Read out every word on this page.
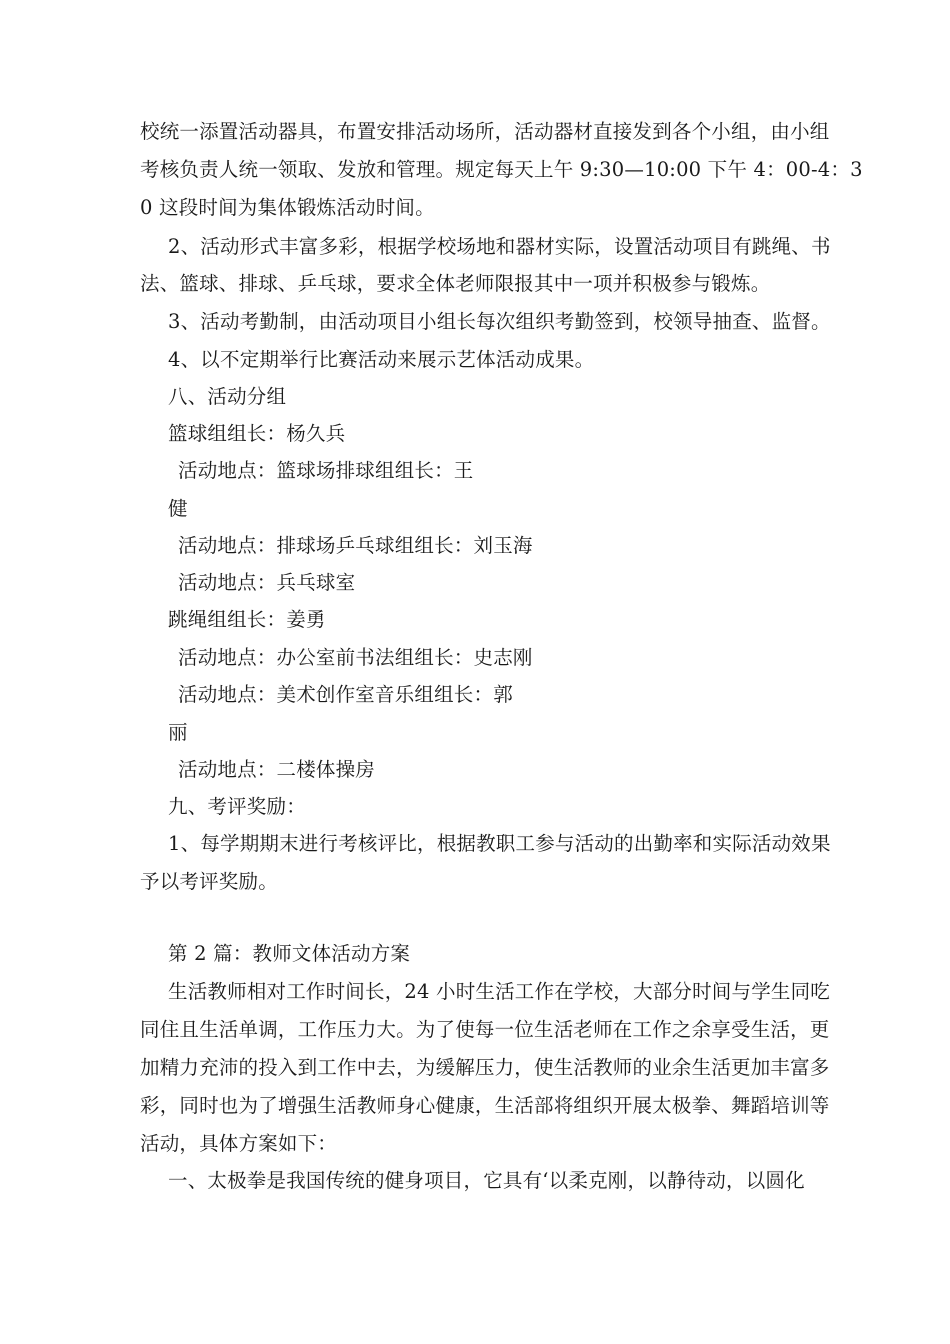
校统一添置活动器具，布置安排活动场所，活动器材直接发到各个小组，由小组
考核负责人统一领取、发放和管理。规定每天上午 9:30—10:00 下午 4：00-4：3
0 这段时间为集体锻炼活动时间。
2、活动形式丰富多彩，根据学校场地和器材实际，设置活动项目有跳绳、书
法、篮球、排球、乒乓球，要求全体老师限报其中一项并积极参与锻炼。
3、活动考勤制，由活动项目小组长每次组织考勤签到，校领导抽查、监督。
4、以不定期举行比赛活动来展示艺体活动成果。
八、活动分组
篮球组组长：杨久兵
活动地点：篮球场排球组组长：王
健
活动地点：排球场乒乓球组组长：刘玉海
活动地点：兵乓球室
跳绳组组长：姜勇
活动地点：办公室前书法组组长：史志刚
活动地点：美术创作室音乐组组长：郭
丽
活动地点：二楼体操房
九、考评奖励：
1、每学期期末进行考核评比，根据教职工参与活动的出勤率和实际活动效果
予以考评奖励。
第 2 篇：教师文体活动方案
生活教师相对工作时间长，24 小时生活工作在学校，大部分时间与学生同吃
同住且生活单调，工作压力大。为了使每一位生活老师在工作之余享受生活，更
加精力充沛的投入到工作中去，为缓解压力，使生活教师的业余生活更加丰富多
彩，同时也为了增强生活教师身心健康，生活部将组织开展太极拳、舞蹈培训等
活动，具体方案如下：
一、太极拳是我国传统的健身项目，它具有‘以柔克刚，以静待动，以圆化
